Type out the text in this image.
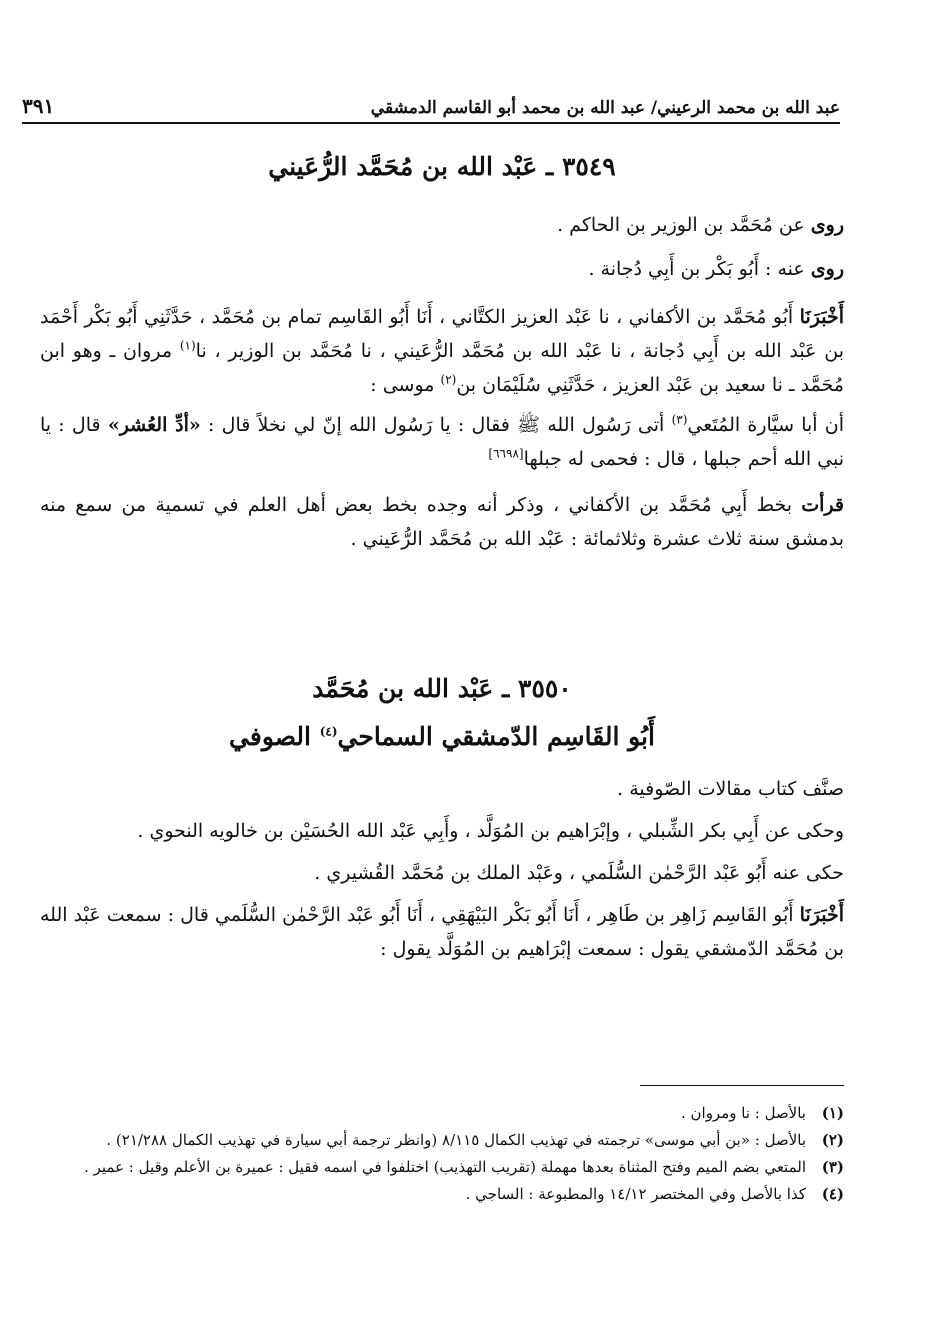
عبد الله بن محمد الرعيني/ عبد الله بن محمد أبو القاسم الدمشقي
٣٩١
٣٥٤٩ ـ عَبْد الله بن مُحَمَّد الرُّعَيني

روى عن مُحَمَّد بن الوزير بن الحاكم .

روى عنه : أَبُو بَكْر بن أَبِي دُجانة .

أَخْبَرَنَا أَبُو مُحَمَّد بن الأكفاني ، نا عَبْد العزيز الكتَّاني ، أَنَا أَبُو القَاسِم تمام بن مُحَمَّد ، حَدَّثَنِي أَبُو بَكْر أَحْمَد بن عَبْد الله بن أَبِي دُجانة ، نا عَبْد الله بن مُحَمَّد الرُّعَيني ، نا مُحَمَّد بن الوزير ، نا$^{(١)}$ مروان ـ وهو ابن مُحَمَّد ـ نا سعيد بن عَبْد العزيز ، حَدَّثَنِي سُلَيْمَان بن$^{(٢)}$ موسى :

أن أبا سيَّارة المُتَعي$^{(٣)}$ أتى رَسُول الله ﷺ فقال : يا رَسُول الله إنّ لي نخلاً قال : «أدِّ العُشر» قال : يا نبي الله أحم جبلها ، قال : فحمى له جبلها[٦٦٩٨]

قرأت بخط أَبِي مُحَمَّد بن الأكفاني ، وذكر أنه وجده بخط بعض أهل العلم في تسمية من سمع منه بدمشق سنة ثلاث عشرة وثلاثمائة : عَبْد الله بن مُحَمَّد الرُّعَيني .

٣٥٥٠ ـ عَبْد الله بن مُحَمَّد
أَبُو القَاسِم الدّمشقي السماحي$^{(٤)}$ الصوفي

صنَّف كتاب مقالات الصّوفية .

وحكى عن أَبِي بكر الشِّبلي ، وإبْرَاهيم بن المُوَلَّد ، وأَبِي عَبْد الله الحُسَيْن بن خالويه النحوي .

حكى عنه أَبُو عَبْد الرَّحْمٰن السُّلَمي ، وعَبْد الملك بن مُحَمَّد القُشيري .

أَخْبَرَنَا أَبُو القَاسِم زَاهِر بن طَاهِر ، أَنَا أَبُو بَكْر البَيْهَقِي ، أَنَا أَبُو عَبْد الرَّحْمٰن السُّلَمي قال : سمعت عَبْد الله بن مُحَمَّد الدّمشقي يقول : سمعت إبْرَاهيم بن المُوَلَّد يقول :

(١)
بالأصل : نا ومروان .
(٢)
بالأصل : «بن أبي موسى» ترجمته في تهذيب الكمال ٨/١١٥ (وانظر ترجمة أبي سيارة في تهذيب الكمال ٢١/٢٨٨) .
(٣)
المتعي بضم الميم وفتح المثناة بعدها مهملة (تقريب التهذيب) اختلفوا في اسمه فقيل : عميرة بن الأعلم وقيل : عمير .
(٤)
كذا بالأصل وفي المختصر ١٤/١٢ والمطبوعة : الساجي .
